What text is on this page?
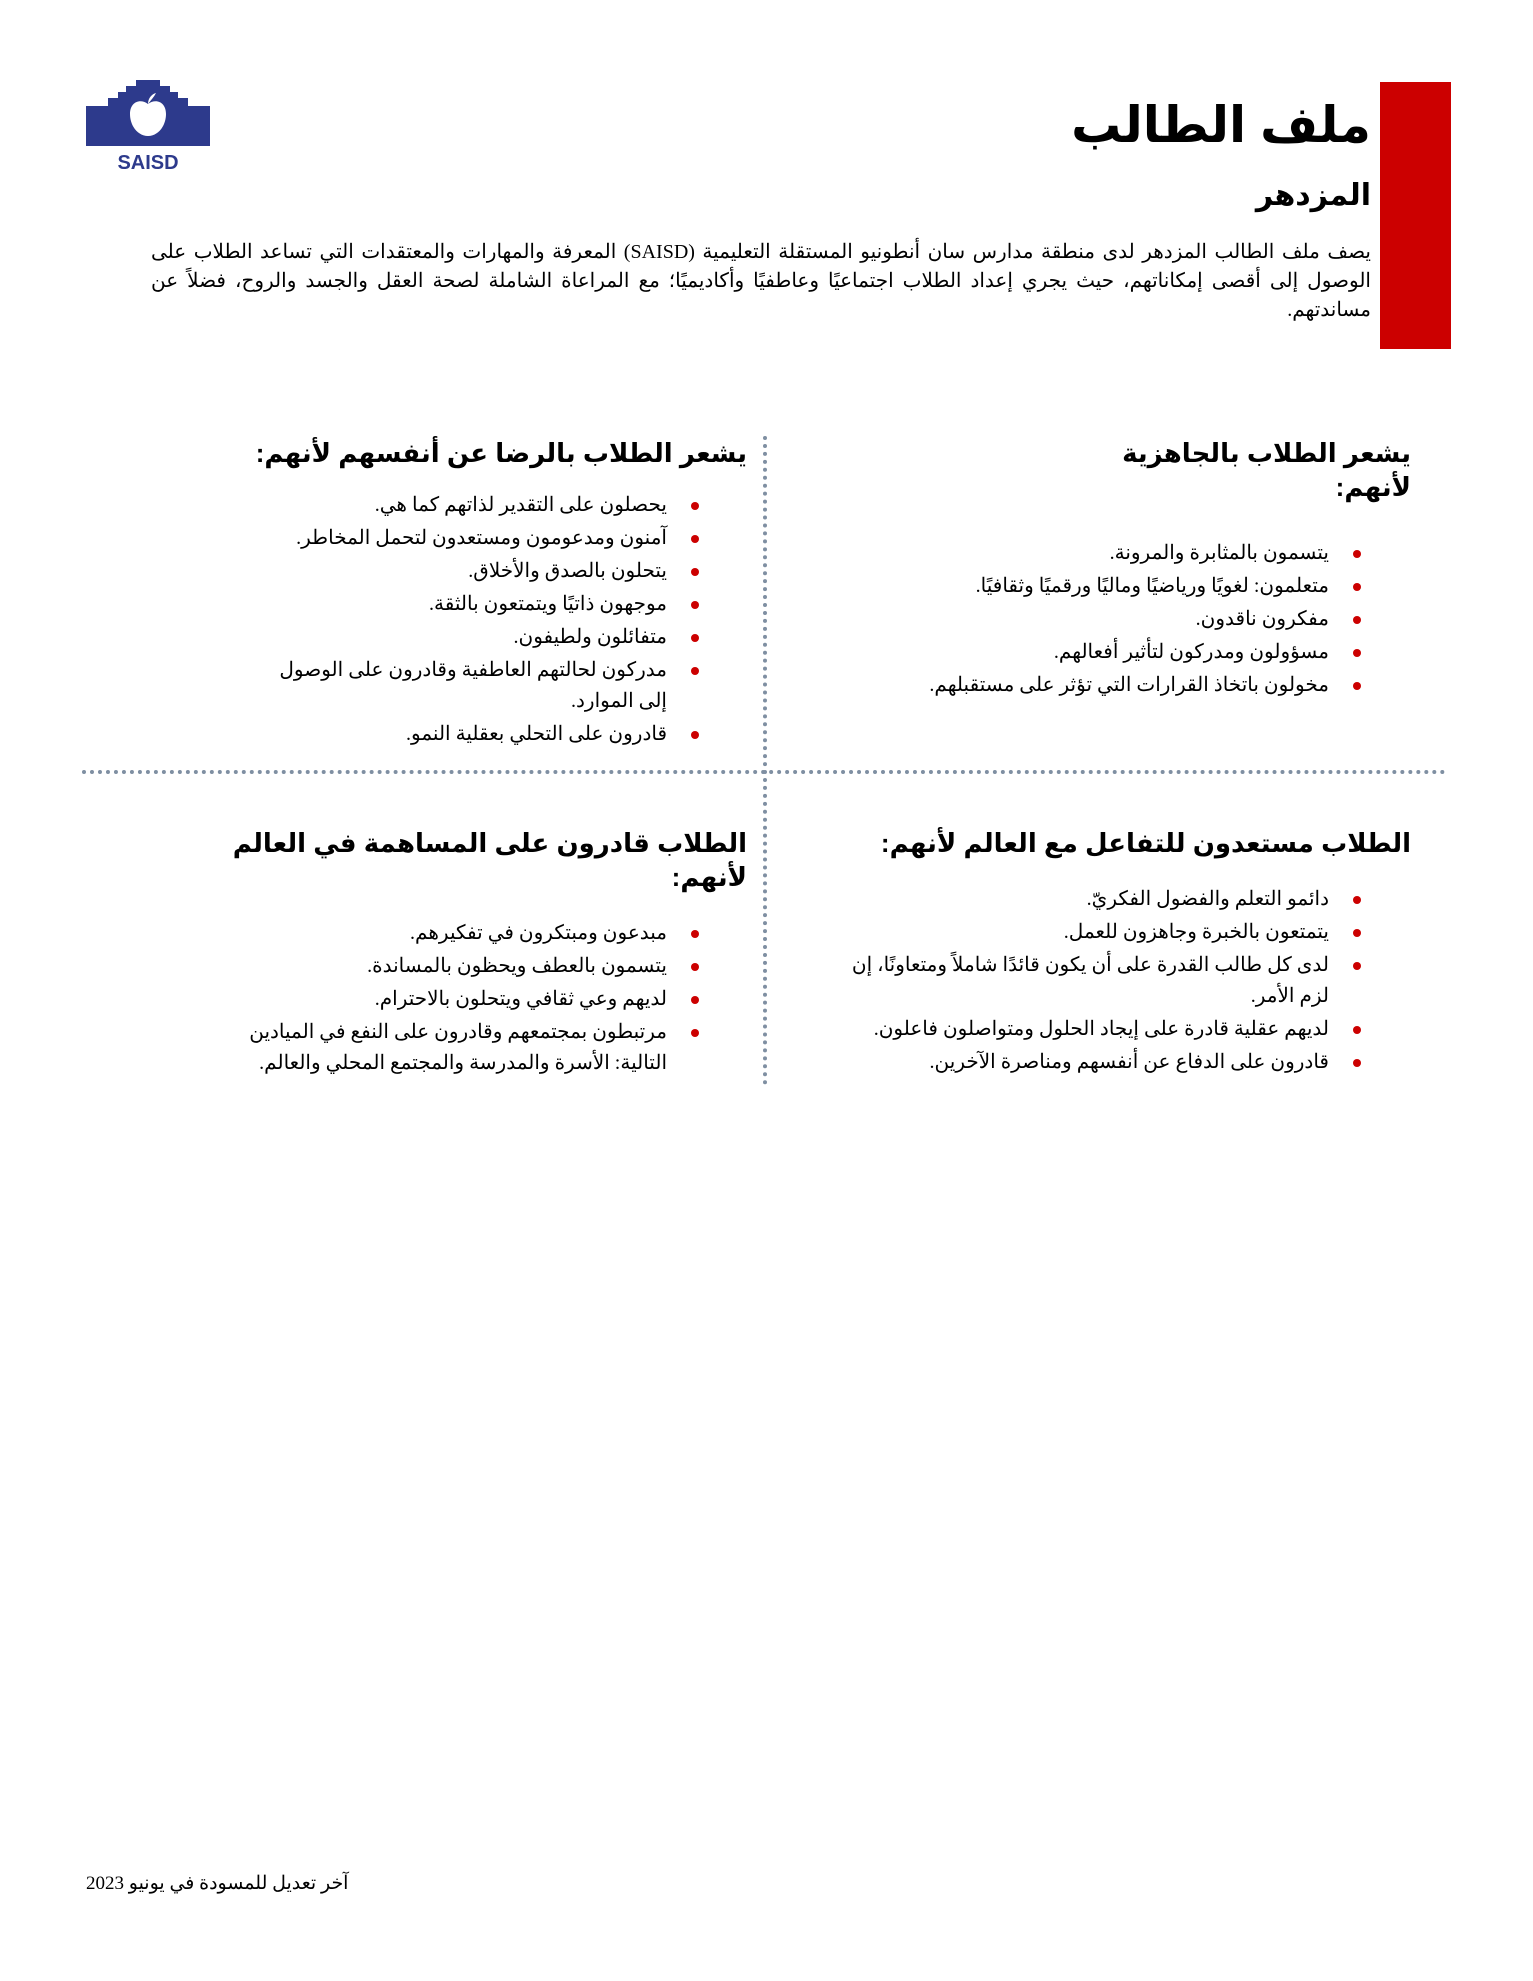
SAISD
ملف الطالب
المزدهر

يصف ملف الطالب المزدهر لدى منطقة مدارس سان أنطونيو المستقلة التعليمية (SAISD) المعرفة والمهارات والمعتقدات التي تساعد الطلاب على الوصول إلى أقصى إمكاناتهم، حيث يجري إعداد الطلاب اجتماعيًا وعاطفيًا وأكاديميًا؛ مع المراعاة الشاملة لصحة العقل والجسد والروح، فضلاً عن مساندتهم.

يشعر الطلاب بالجاهزية لأنهم:
يتسمون بالمثابرة والمرونة.
متعلمون: لغويًا ورياضيًا وماليًا ورقميًا وثقافيًا.
مفكرون ناقدون.
مسؤولون ومدركون لتأثير أفعالهم.
مخولون باتخاذ القرارات التي تؤثر على مستقبلهم.
يشعر الطلاب بالرضا عن أنفسهم لأنهم:
يحصلون على التقدير لذاتهم كما هي.
آمنون ومدعومون ومستعدون لتحمل المخاطر.
يتحلون بالصدق والأخلاق.
موجهون ذاتيًا ويتمتعون بالثقة.
متفائلون ولطيفون.
مدركون لحالتهم العاطفية وقادرون على الوصول إلى الموارد.
قادرون على التحلي بعقلية النمو.
الطلاب مستعدون للتفاعل مع العالم لأنهم:
دائمو التعلم والفضول الفكريّ.
يتمتعون بالخبرة وجاهزون للعمل.
لدى كل طالب القدرة على أن يكون قائدًا شاملاً ومتعاونًا، إن لزم الأمر.
لديهم عقلية قادرة على إيجاد الحلول ومتواصلون فاعلون.
قادرون على الدفاع عن أنفسهم ومناصرة الآخرين.
الطلاب قادرون على المساهمة في العالم لأنهم:
مبدعون ومبتكرون في تفكيرهم.
يتسمون بالعطف ويحظون بالمساندة.
لديهم وعي ثقافي ويتحلون بالاحترام.
مرتبطون بمجتمعهم وقادرون على النفع في الميادين التالية: الأسرة والمدرسة والمجتمع المحلي والعالم.

آخر تعديل للمسودة في يونيو 2023
